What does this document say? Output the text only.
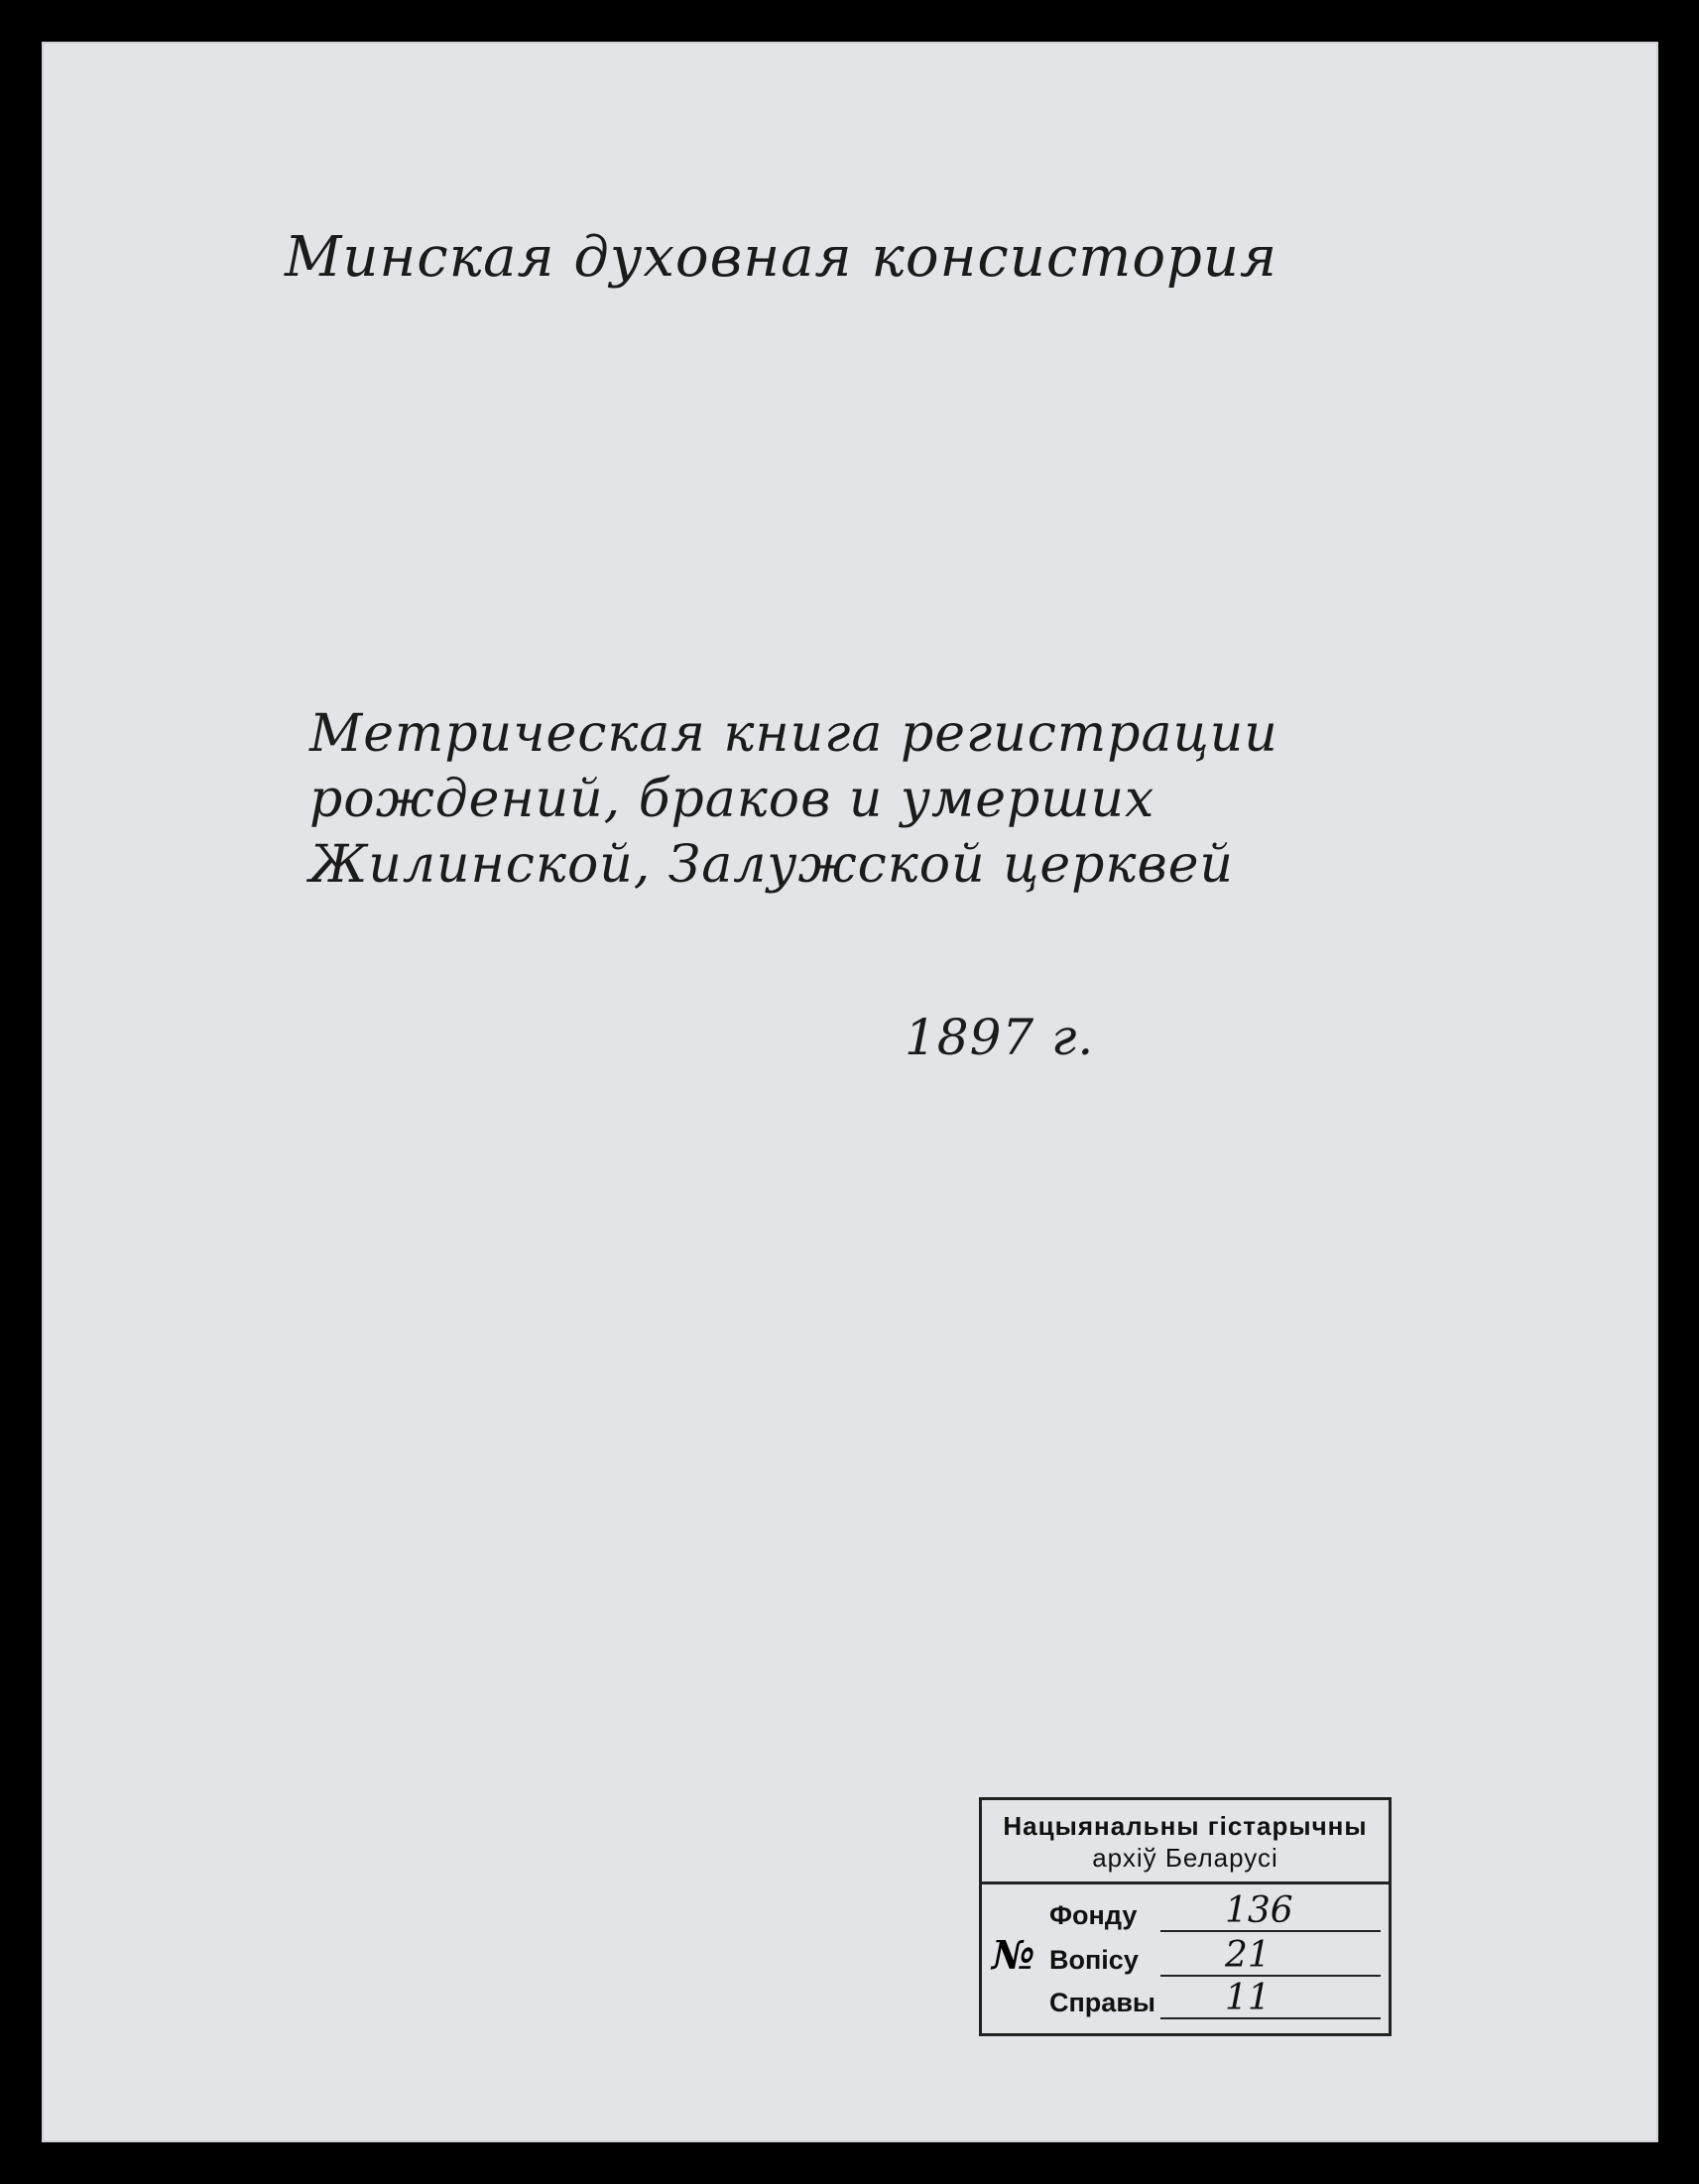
Минская духовная консистория
Метрическая книга регистрации
рождений, браков и умерших
Жилинской, Залужской церквей
1897 г.
Нацыянальны гістарычны
архіў Беларусі
№
Фонду 136
Вопісу 21
Справы 11
